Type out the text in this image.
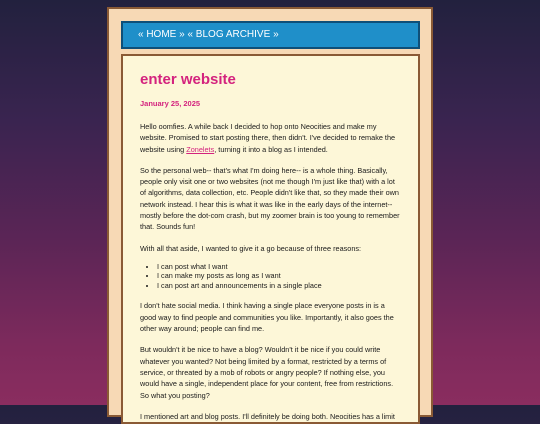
« HOME » « BLOG ARCHIVE »
enter website
January 25, 2025

Hello oomfies. A while back I decided to hop onto Neocities and make my website. Promised to start posting there, then didn't. I've decided to remake the website using Zonelets, turning it into a blog as I intended.

So the personal web-- that's what I'm doing here-- is a whole thing. Basically, people only visit one or two websites (not me though I'm just like that) with a lot of algorithms, data collection, etc. People didn't like that, so they made their own network instead. I hear this is what it was like in the early days of the internet-- mostly before the dot-com crash, but my zoomer brain is too young to remember that. Sounds fun!

With all that aside, I wanted to give it a go because of three reasons:

• I can post what I want
• I can make my posts as long as I want
• I can post art and announcements in a single place

I don't hate social media. I think having a single place everyone posts in is a good way to find people and communities you like. Importantly, it also goes the other way around; people can find me.

But wouldn't it be nice to have a blog? Wouldn't it be nice if you could write whatever you wanted? Not being limited by a format, restricted by a terms of service, or threated by a mob of robots or angry people? If nothing else, you would have a single, independent place for your content, free from restrictions. So what you posting?

I mentioned art and blog posts. I'll definitely be doing both. Neocities has a limit
